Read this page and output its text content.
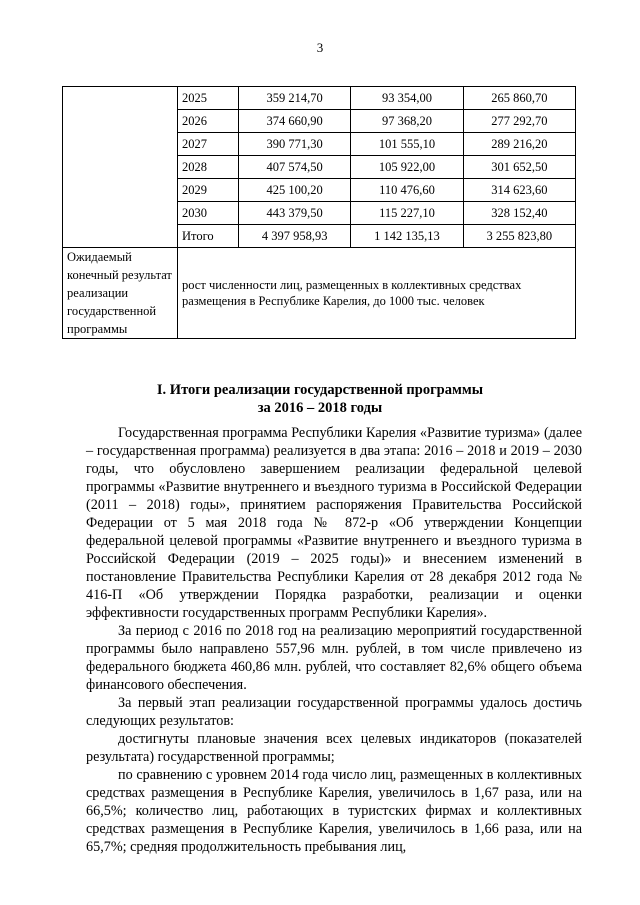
3
	2025	359 214,70	93 354,00	265 860,70
	2026	374 660,90	97 368,20	277 292,70
	2027	390 771,30	101 555,10	289 216,20
	2028	407 574,50	105 922,00	301 652,50
	2029	425 100,20	110 476,60	314 623,60
	2030	443 379,50	115 227,10	328 152,40
	Итого	4 397 958,93	1 142 135,13	3 255 823,80
Ожидаемый конечный результат реализации государственной программы	рост численности лиц, размещенных в коллективных средствах размещения в Республике Карелия, до 1000 тыс. человек			
I. Итоги реализации государственной программы
за 2016 – 2018 годы

Государственная программа Республики Карелия «Развитие туризма» (далее – государственная программа) реализуется в два этапа: 2016 – 2018 и 2019 – 2030 годы, что обусловлено завершением реализации федеральной целевой программы «Развитие внутреннего и въездного туризма в Российской Федерации (2011 – 2018) годы», принятием распоряжения Правительства Российской Федерации от 5 мая 2018 года № 872-р «Об утверждении Концепции федеральной целевой программы «Развитие внутреннего и въездного туризма в Российской Федерации (2019 – 2025 годы)» и внесением изменений в постановление Правительства Республики Карелия от 28 декабря 2012 года № 416-П «Об утверждении Порядка разработки, реализации и оценки эффективности государственных программ Республики Карелия».

За период с 2016 по 2018 год на реализацию мероприятий государственной программы было направлено 557,96 млн. рублей, в том числе привлечено из федерального бюджета 460,86 млн. рублей, что составляет 82,6% общего объема финансового обеспечения.

За первый этап реализации государственной программы удалось достичь следующих результатов:

достигнуты плановые значения всех целевых индикаторов (показателей результата) государственной программы;

по сравнению с уровнем 2014 года число лиц, размещенных в коллективных средствах размещения в Республике Карелия, увеличилось в 1,67 раза, или на 66,5%; количество лиц, работающих в туристских фирмах и коллективных средствах размещения в Республике Карелия, увеличилось в 1,66 раза, или на 65,7%; средняя продолжительность пребывания лиц,
